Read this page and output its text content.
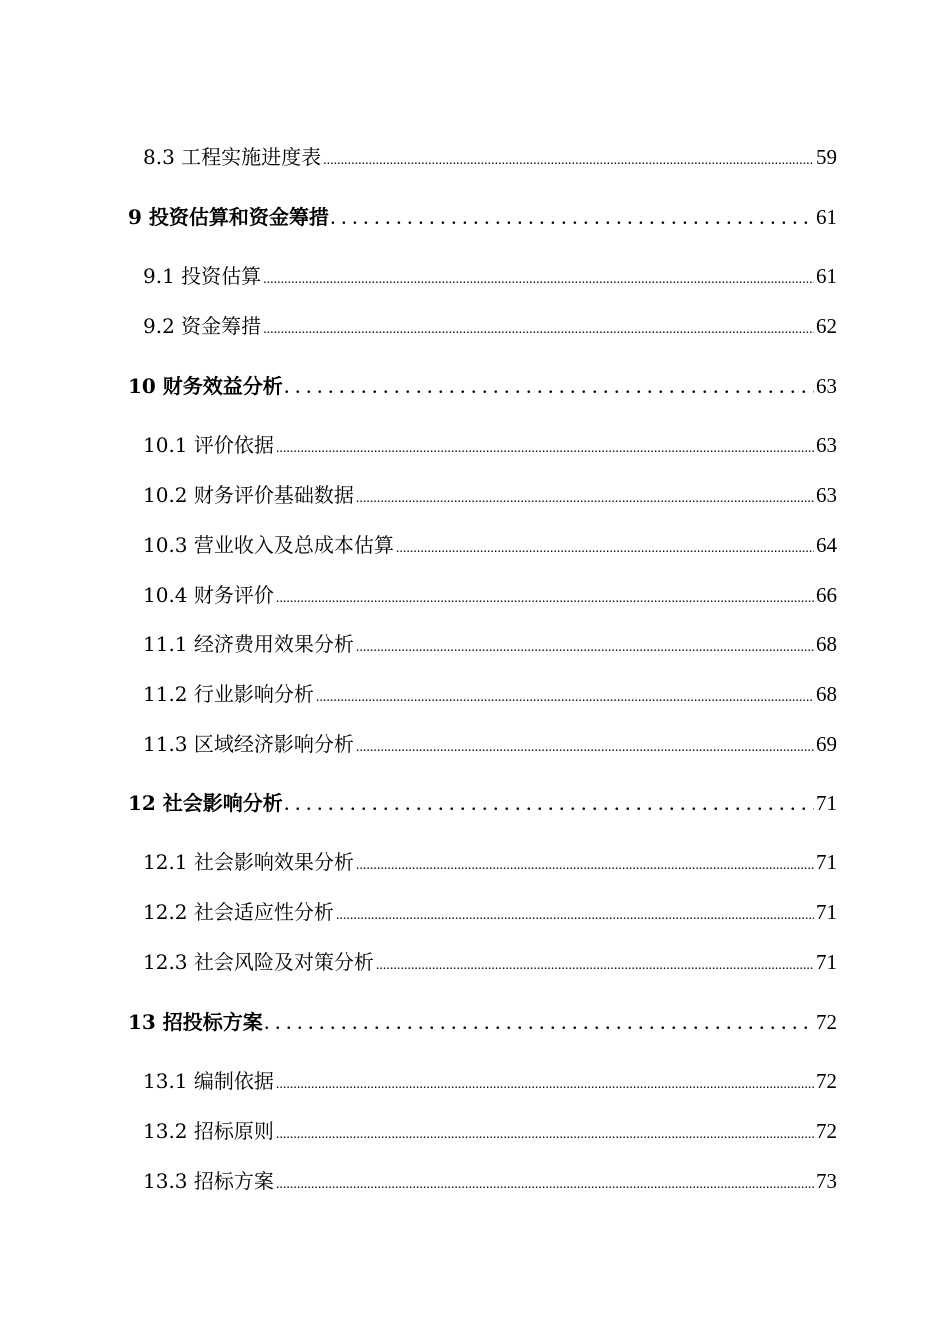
8.3 工程实施进度表 .....	59
9 投资估算和资金筹措 . . .	61
9.1 投资估算 .....	61
9.2 资金筹措 .....	62
10 财务效益分析 . . .	63
10.1 评价依据 .....	63
10.2 财务评价基础数据 .....	63
10.3 营业收入及总成本估算 .....	64
10.4 财务评价 .....	66
11.1 经济费用效果分析 .....	68
11.2 行业影响分析 .....	68
11.3 区域经济影响分析 .....	69
12 社会影响分析 . . .	71
12.1 社会影响效果分析 .....	71
12.2 社会适应性分析 .....	71
12.3 社会风险及对策分析 .....	71
13 招投标方案 . . .	72
13.1 编制依据 .....	72
13.2 招标原则 .....	72
13.3 招标方案 .....	73
